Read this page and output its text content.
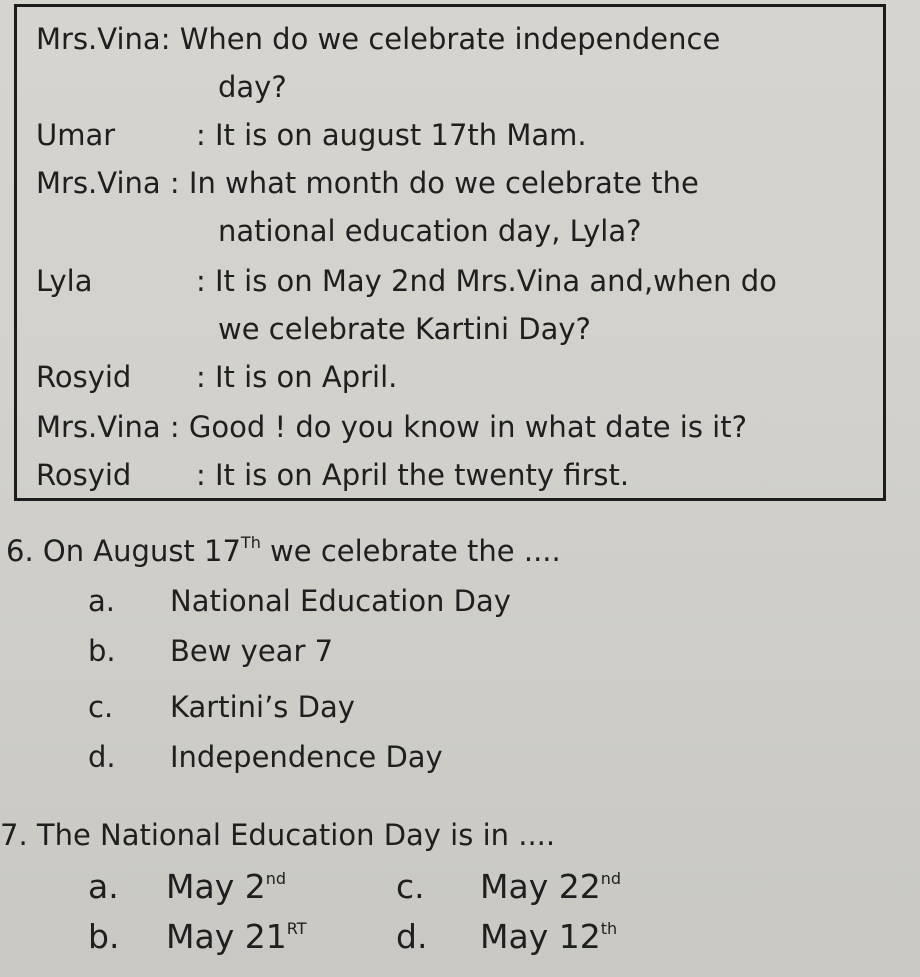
Mrs.Vina: When do we celebrate independence
day?
Umar	: It is on august 17th Mam.
Mrs.Vina : In what month do we celebrate the
national education day, Lyla?
Lyla	: It is on May 2nd Mrs.Vina and,when do
we celebrate Kartini Day?
Rosyid : It is on April.
Mrs.Vina : Good ! do you know in what date is it?
Rosyid : It is on April the twenty first.
6. On August 17Th we celebrate the ....
a. National Education Day
b. Bew year 7
c. Kartini’s Day
d. Independence Day
7. The National Education Day is in ....
a. May 2nd	c. May 22nd
b. May $21^{RT}$	d. May 12th
